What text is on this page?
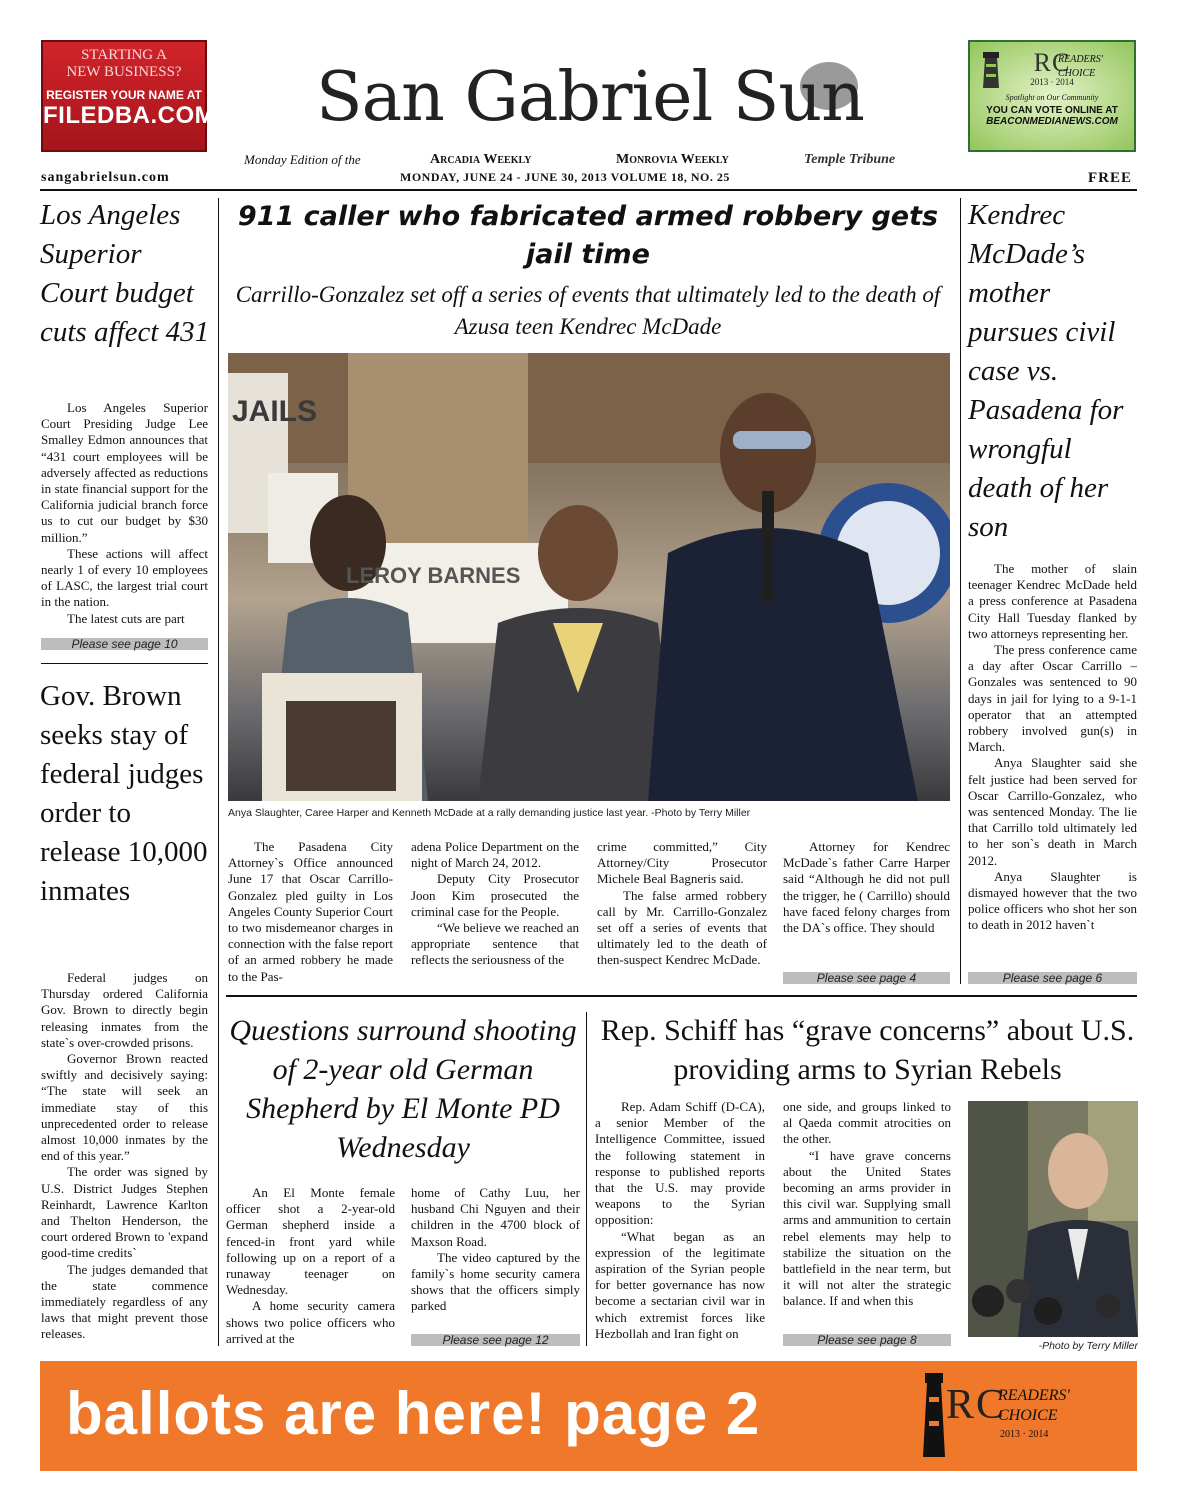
STARTING A
NEW BUSINESS?
REGISTER YOUR NAME AT
FILEDBA.COM San Gabriel Sun
Monday Edition of the	Arcadia Weekly	Monrovia Weekly	Temple Tribune
sangabrielsun.com	MONDAY, JUNE 24 - JUNE 30, 2013 VOLUME 18, NO. 25	FREE
RC
READERS'
CHOICE
2013 · 2014
Spotlight on Our Community
YOU CAN VOTE ONLINE AT
BEACONMEDIANEWS.COM
Los Angeles Superior Court budget cuts affect 431

Los Angeles Superior Court Presiding Judge Lee Smalley Edmon announces that “431 court employees will be adversely affected as reductions in state financial support for the California judicial branch force us to cut our budget by $30 million.”

These actions will affect nearly 1 of every 10 employees of LASC, the largest trial court in the nation.

The latest cuts are part

Please see page 10
Gov. Brown seeks stay of federal judges order to release 10,000 inmates

Federal judges on Thursday ordered California Gov. Brown to directly begin releasing inmates from the state`s over-crowded prisons.

Governor Brown reacted swiftly and decisively saying: “The state will seek an immediate stay of this unprecedented order to release almost 10,000 inmates by the end of this year.”

The order was signed by U.S. District Judges Stephen Reinhardt, Lawrence Karlton and Thelton Henderson, the court ordered Brown to 'expand good-time credits`

The judges demanded that the state commence immediately regardless of any laws that might prevent those releases.

911 caller who fabricated armed robbery gets jail time
Carrillo-Gonzalez set off a series of events that ultimately led to the death of Azusa teen Kendrec McDade
JAILS
LEROY BARNES
Anya Slaughter, Caree Harper and Kenneth McDade at a rally demanding justice last year. -Photo by Terry Miller

The Pasadena City Attorney`s Office announced June 17 that Oscar Carrillo-Gonzalez pled guilty in Los Angeles County Superior Court to two misdemeanor charges in connection with the false report of an armed robbery he made to the Pas-

adena Police Department on the night of March 24, 2012.

Deputy City Prosecutor Joon Kim prosecuted the criminal case for the People.

“We believe we reached an appropriate sentence that reflects the seriousness of the

crime committed,” City Attorney/City Prosecutor Michele Beal Bagneris said.

The false armed robbery call by Mr. Carrillo-Gonzalez set off a series of events that ultimately led to the death of then-suspect Kendrec McDade.

Attorney for Kendrec McDade`s father Carre Harper said “Although he did not pull the trigger, he ( Carrillo) should have faced felony charges from the DA`s office. They should

Please see page 4
Kendrec McDade’s mother pursues civil case vs. Pasadena for wrongful death of her son

The mother of slain teenager Kendrec McDade held a press conference at Pasadena City Hall Tuesday flanked by two attorneys representing her.

The press conference came a day after Oscar Carrillo – Gonzales was sentenced to 90 days in jail for lying to a 9-1-1 operator that an attempted robbery involved gun(s) in March.

Anya Slaughter said she felt justice had been served for Oscar Carrillo-Gonzalez, who was sentenced Monday. The lie that Carrillo told ultimately led to her son`s death in March 2012.

Anya Slaughter is dismayed however that the two police officers who shot her son to death in 2012 haven`t

Please see page 6
Questions surround shooting of 2-year old German Shepherd by El Monte PD Wednesday

An El Monte female officer shot a 2-year-old German shepherd inside a fenced-in front yard while following up on a report of a runaway teenager on Wednesday.

A home security camera shows two police officers who arrived at the

home of Cathy Luu, her husband Chi Nguyen and their children in the 4700 block of Maxson Road.

The video captured by the family`s home security camera shows that the officers simply parked

Please see page 12
Rep. Schiff has “grave concerns” about U.S. providing arms to Syrian Rebels

Rep. Adam Schiff (D-CA), a senior Member of the Intelligence Committee, issued the following statement in response to published reports that the U.S. may provide weapons to the Syrian opposition:

“What began as an expression of the legitimate aspiration of the Syrian people for better governance has now become a sectarian civil war in which extremist forces like Hezbollah and Iran fight on

one side, and groups linked to al Qaeda commit atrocities on the other.

“I have grave concerns about the United States becoming an arms provider in this civil war. Supplying small arms and ammunition to certain rebel elements may help to stabilize the situation on the battlefield in the near term, but it will not alter the strategic balance. If and when this

Please see page 8	-Photo by Terry Miller
ballots are here! page 2	RC
READERS'
CHOICE
2013 · 2014
